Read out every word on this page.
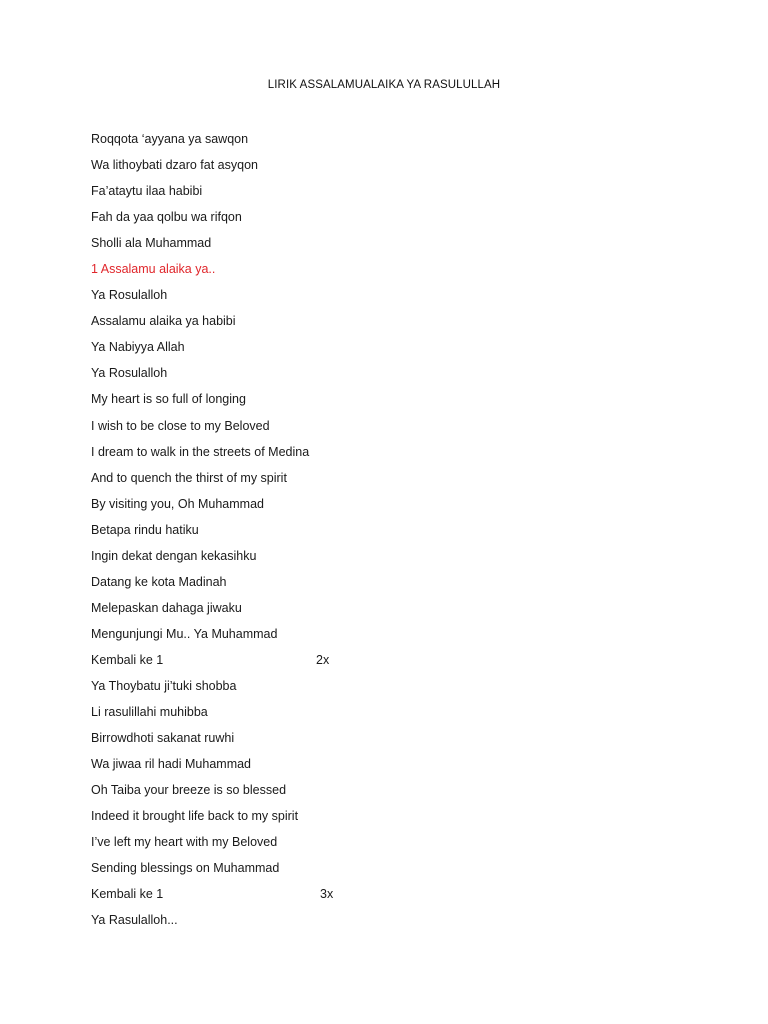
LIRIK ASSALAMUALAIKA YA RASULULLAH
Roqqota ‘ayyana ya sawqon
Wa lithoybati dzaro fat asyqon
Fa’ataytu ilaa habibi
Fah da yaa qolbu wa rifqon
Sholli ala Muhammad
1 Assalamu alaika ya..
Ya Rosulalloh
Assalamu alaika ya habibi
Ya Nabiyya Allah
Ya Rosulalloh
My heart is so full of longing
I wish to be close to my Beloved
I dream to walk in the streets of Medina
And to quench the thirst of my spirit
By visiting you, Oh Muhammad
Betapa rindu hatiku
Ingin dekat dengan kekasihku
Datang ke kota Madinah
Melepaskan dahaga jiwaku
Mengunjungi Mu.. Ya Muhammad
Kembali ke 1	2x
Ya Thoybatu ji’tuki shobba
Li rasulillahi muhibba
Birrowdhoti sakanat ruwhi
Wa jiwaa ril hadi Muhammad
Oh Taiba your breeze is so blessed
Indeed it brought life back to my spirit
I’ve left my heart with my Beloved
Sending blessings on Muhammad
Kembali ke 1	3x
Ya Rasulalloh...
